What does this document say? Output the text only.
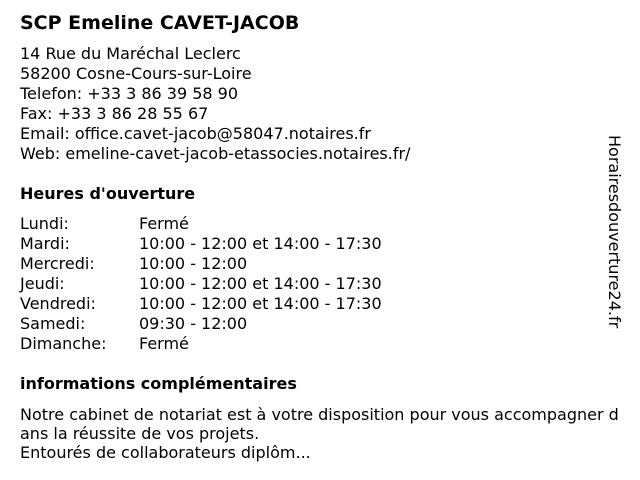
SCP Emeline CAVET-JACOB
14 Rue du Maréchal Leclerc
58200 Cosne-Cours-sur-Loire
Telefon: +33 3 86 39 58 90
Fax: +33 3 86 28 55 67
Email: office.cavet-jacob@58047.notaires.fr
Web: emeline-cavet-jacob-etassocies.notaires.fr/
Heures d'ouverture
Lundi:	Fermé
Mardi:	10:00 - 12:00 et 14:00 - 17:30
Mercredi:	10:00 - 12:00
Jeudi:	10:00 - 12:00 et 14:00 - 17:30
Vendredi:	10:00 - 12:00 et 14:00 - 17:30
Samedi:	09:30 - 12:00
Dimanche: Fermé
informations complémentaires
Notre cabinet de notariat est à votre disposition pour vous accompagner dans la réussite de vos projets.
Entourés de collaborateurs diplôm...
Horairesdouverture24.fr
